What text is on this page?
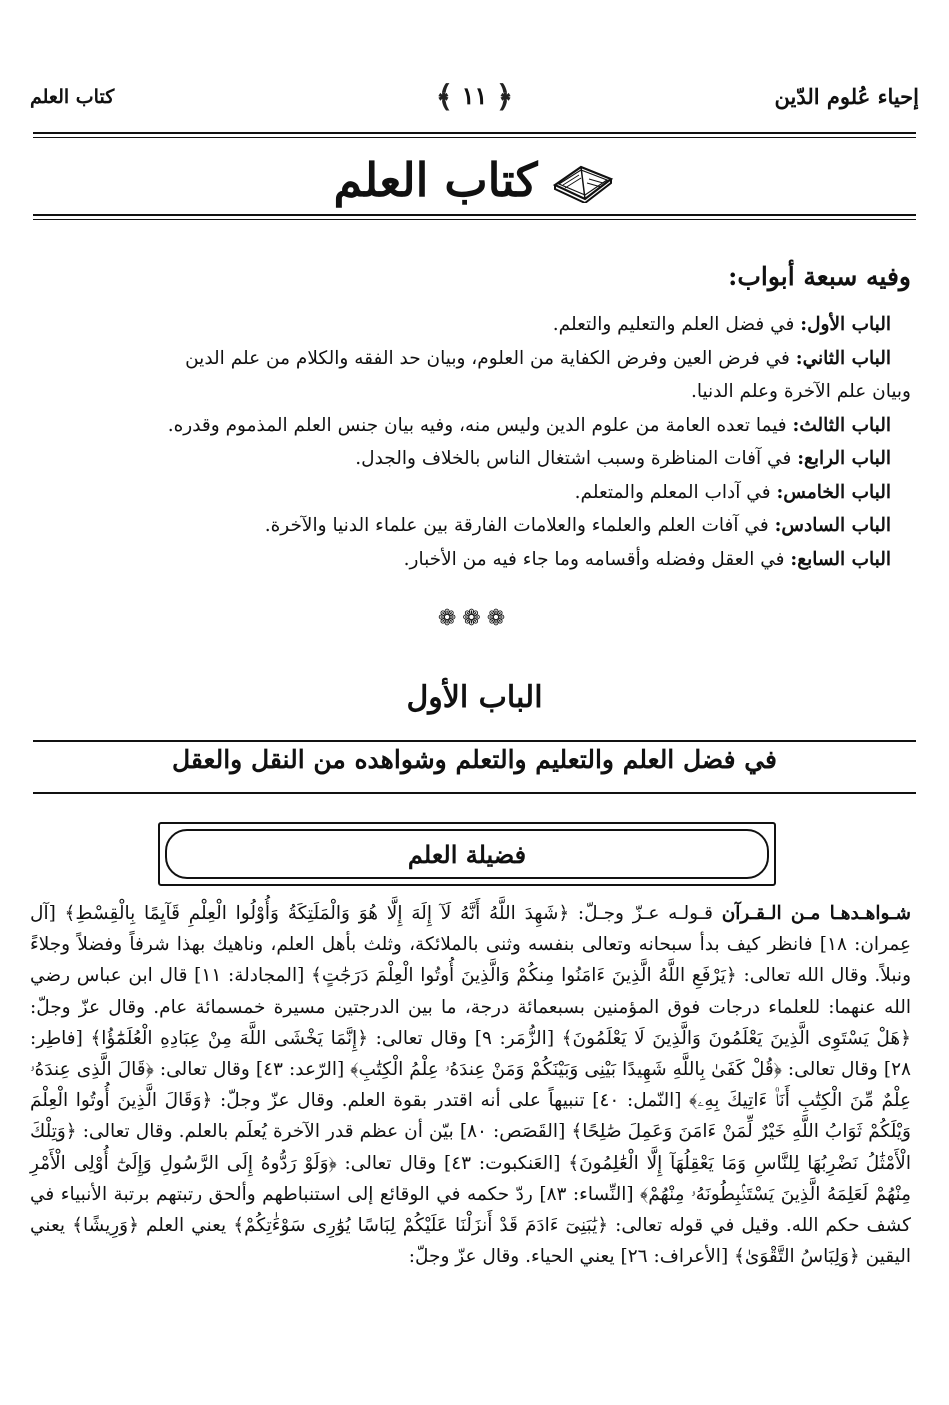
إحياء عُلوم الدّين
﴿ ١١ ﴾
كتاب العلم
كتاب العلم
وفيه سبعة أبواب:

الباب الأول: في فضل العلم والتعليم والتعلم.

الباب الثاني: في فرض العين وفرض الكفاية من العلوم، وبيان حد الفقه والكلام من علم الدين

وبيان علم الآخرة وعلم الدنيا.

الباب الثالث: فيما تعده العامة من علوم الدين وليس منه، وفيه بيان جنس العلم المذموم وقدره.

الباب الرابع: في آفات المناظرة وسبب اشتغال الناس بالخلاف والجدل.

الباب الخامس: في آداب المعلم والمتعلم.

الباب السادس: في آفات العلم والعلماء والعلامات الفارقة بين علماء الدنيا والآخرة.

الباب السابع: في العقل وفضله وأقسامه وما جاء فيه من الأخبار.

❁❁❁
الباب الأول
في فضل العلم والتعليم والتعلم وشواهده من النقل والعقل
فضيلة العلم
شـواهـدهـا مـن الـقـرآن قـولـه عـزّ وجـلّ: ﴿شَهِدَ اللَّهُ أَنَّهُ لَآ إِلَهَ إِلَّا هُوَ وَالْمَلَتِكَةُ وَأُوْلُوا الْعِلْمِ قَآيِمًا بِالْقِسْطِ﴾ [آل عِمران: ١٨] فانظر كيف بدأ سبحانه وتعالى بنفسه وثنى بالملائكة، وثلث بأهل العلم، وناهيك بهذا شرفاً وفضلاً وجلاءً ونبلاً. وقال الله تعالى: ﴿يَرْفَعِ اللَّهُ الَّذِينَ ءَامَنُوا مِنكُمْ وَالَّذِينَ أُوتُوا الْعِلْمَ دَرَجَٰتٍ﴾ [المجادلة: ١١] قال ابن عباس رضي الله عنهما: للعلماء درجات فوق المؤمنين بسبعمائة درجة، ما بين الدرجتين مسيرة خمسمائة عام. وقال عزّ وجلّ: ﴿هَلْ يَسْتَوِى الَّذِينَ يَعْلَمُونَ وَالَّذِينَ لَا يَعْلَمُونَ﴾ [الزُّمَر: ٩] وقال تعالى: ﴿إِنَّمَا يَخْشَى اللَّهَ مِنْ عِبَادِهِ الْعُلَمَٰٓؤُا﴾ [فاطِر: ٢٨] وقال تعالى: ﴿قُلْ كَفَىٰ بِاللَّهِ شَهِيدًا بَيْنِى وَبَيْنَكُمْ وَمَنْ عِندَهُۥ عِلْمُ الْكِتَٰبِ﴾ [الرّعد: ٤٣] وقال تعالى: ﴿قَالَ الَّذِى عِندَهُۥ عِلْمٌ مِّنَ الْكِتَٰبِ أَنَا۠ ءَاتِيكَ بِهِۦ﴾ [النّمل: ٤٠] تنبيهاً على أنه اقتدر بقوة العلم. وقال عزّ وجلّ: ﴿وَقَالَ الَّذِينَ أُوتُوا الْعِلْمَ وَيْلَكُمْ ثَوَابُ اللَّهِ خَيْرٌ لِّمَنْ ءَامَنَ وَعَمِلَ صَٰلِحًا﴾ [القَصَص: ٨٠] بيّن أن عظم قدر الآخرة يُعلَم بالعلم. وقال تعالى: ﴿وَتِلْكَ الْأَمْثَٰلُ نَضْرِبُهَا لِلنَّاسِ وَمَا يَعْقِلُهَآ إِلَّا الْعَٰلِمُونَ﴾ [العَنكبوت: ٤٣] وقال تعالى: ﴿وَلَوْ رَدُّوهُ إِلَى الرَّسُولِ وَإِلَىٰٓ أُوْلِى الْأَمْرِ مِنْهُمْ لَعَلِمَهُ الَّذِينَ يَسْتَنۢبِطُونَهُۥ مِنْهُمْ﴾ [النِّساء: ٨٣] ردّ حكمه في الوقائع إلى استنباطهم وألحق رتبتهم برتبة الأنبياء في كشف حكم الله. وقيل في قوله تعالى: ﴿يَٰبَنِىٓ ءَادَمَ قَدْ أَنزَلْنَا عَلَيْكُمْ لِبَاسًا يُوَٰرِى سَوْءَٰتِكُمْ﴾ يعني العلم ﴿وَرِيشًا﴾ يعني اليقين ﴿وَلِبَاسُ التَّقْوَىٰ﴾ [الأعراف: ٢٦] يعني الحياء. وقال عزّ وجلّ:
